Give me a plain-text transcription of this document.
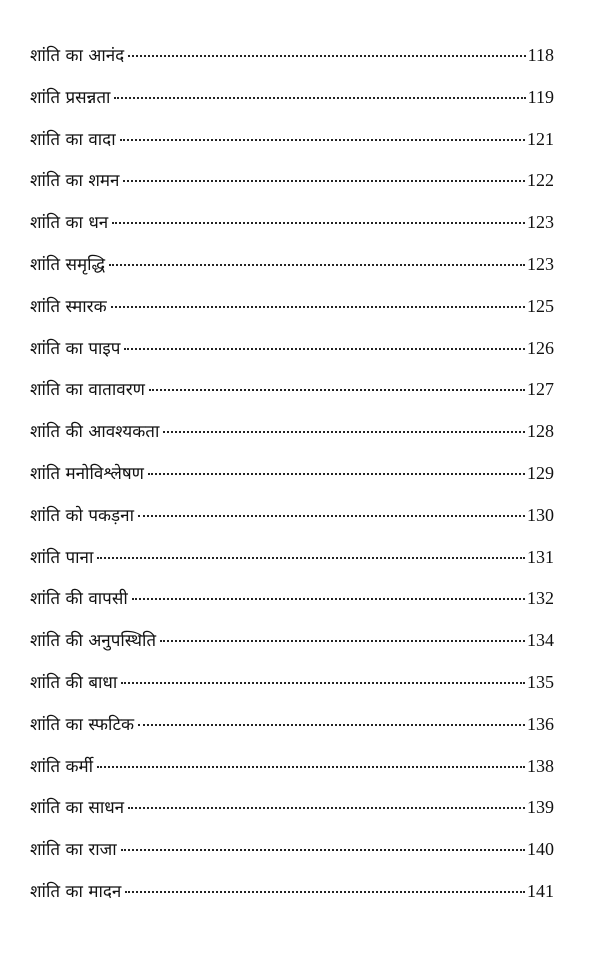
शांति का आनंद	118
शांति प्रसन्नता	119
शांति का वादा	121
शांति का शमन	122
शांति का धन	123
शांति समृद्धि	123
शांति स्मारक	125
शांति का पाइप	126
शांति का वातावरण	127
शांति की आवश्यकता	128
शांति मनोविश्लेषण	129
शांति को पकड़ना	130
शांति पाना	131
शांति की वापसी	132
शांति की अनुपस्थिति	134
शांति की बाधा	135
शांति का स्फटिक	136
शांति कर्मी	138
शांति का साधन	139
शांति का राजा	140
शांति का मादन	141
